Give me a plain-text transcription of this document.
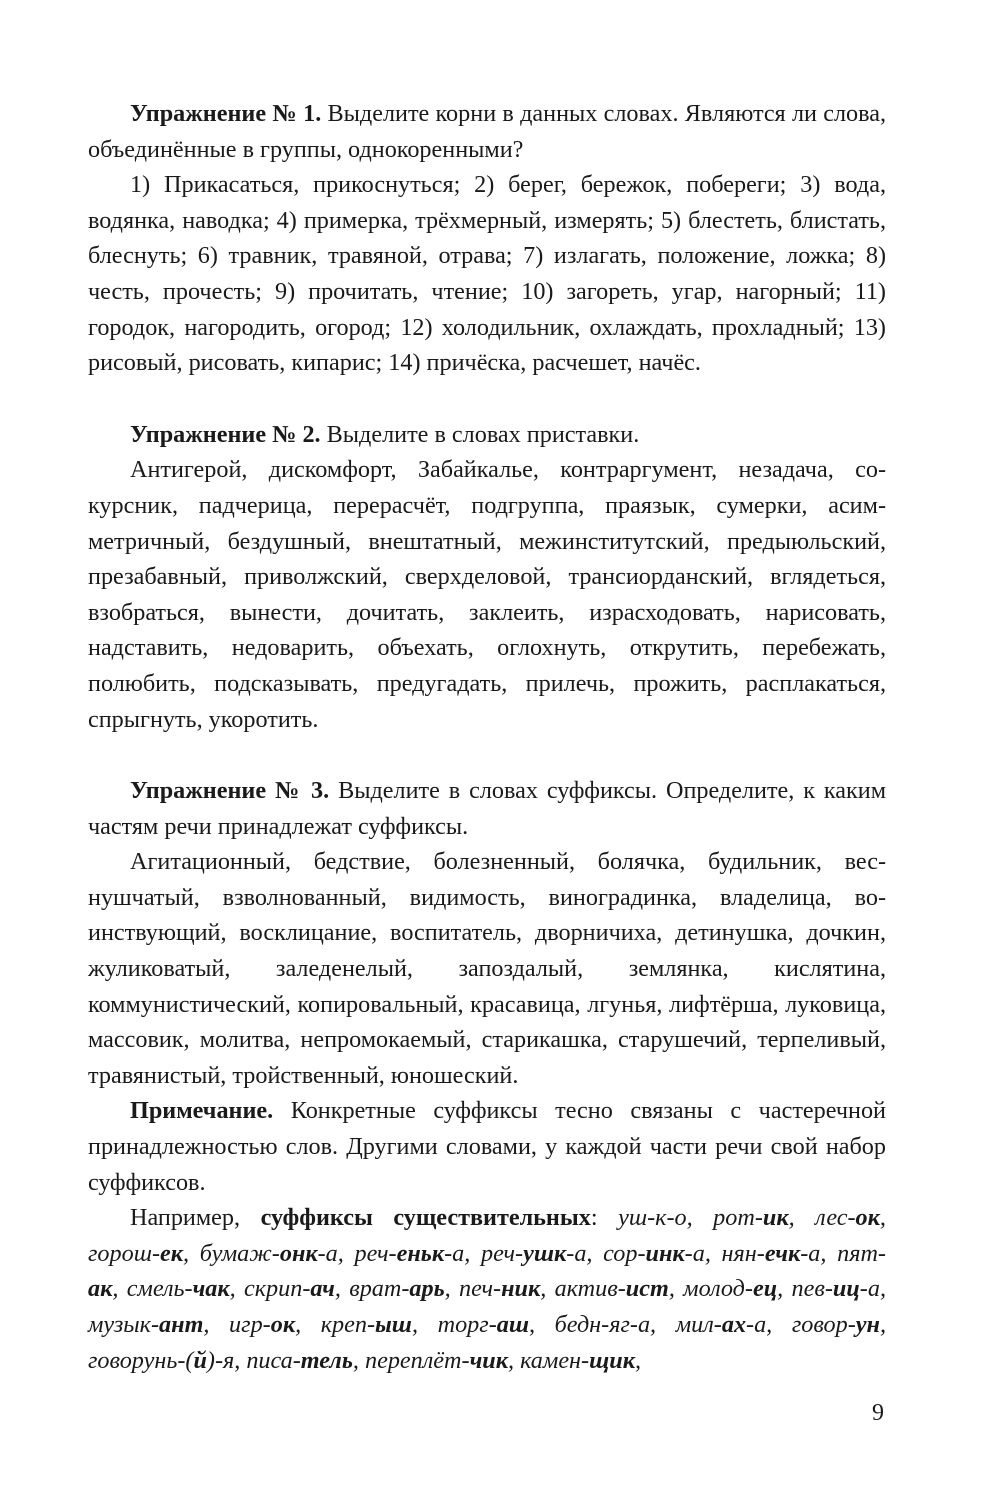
Упражнение № 1. Выделите корни в данных словах. Являются ли слова, объединённые в группы, однокоренными?

1) Прикасаться, прикоснуться; 2) берег, бережок, побереги; 3) вода, водянка, наводка; 4) примерка, трёхмерный, измерять; 5) блестеть, блистать, блеснуть; 6) травник, травяной, отрава; 7) излагать, положение, ложка; 8) честь, прочесть; 9) прочитать, чтение; 10) загореть, угар, нагорный; 11) городок, нагородить, огород; 12) холодильник, охлаждать, прохладный; 13) рисовый, рисовать, кипарис; 14) причёска, расчешет, начёс.

Упражнение № 2. Выделите в словах приставки.

Антигерой, дискомфорт, Забайкалье, контраргумент, незадача, сокурсник, падчерица, перерасчёт, подгруппа, праязык, сумерки, асимметричный, бездушный, внештатный, межинститутский, предыюльский, презабавный, приволжский, сверхделовой, трансиорданский, вглядеться, взобраться, вынести, дочитать, заклеить, израсходовать, нарисовать, надставить, недоварить, объехать, оглохнуть, открутить, перебежать, полюбить, подсказывать, предугадать, прилечь, прожить, расплакаться, спрыгнуть, укоротить.

Упражнение № 3. Выделите в словах суффиксы. Определите, к каким частям речи принадлежат суффиксы.

Агитационный, бедствие, болезненный, болячка, будильник, веснушчатый, взволнованный, видимость, виноградинка, владелица, воинствующий, восклицание, воспитатель, дворничиха, детинушка, дочкин, жуликоватый, заледенелый, запоздалый, землянка, кислятина, коммунистический, копировальный, красавица, лгунья, лифтёрша, луковица, массовик, молитва, непромокаемый, старикашка, старушечий, терпеливый, травянистый, тройственный, юношеский.

Примечание. Конкретные суффиксы тесно связаны с частеречной принадлежностью слов. Другими словами, у каждой части речи свой набор суффиксов.

Например, суффиксы существительных: уш-к-о, рот-ик, лес-ок, горош-ек, бумаж-онк-а, реч-еньк-а, реч-ушк-а, сор-инк-а, нян-ечк-а, пят-ак, смель-чак, скрип-ач, врат-арь, печ-ник, актив-ист, молод-ец, пев-иц-а, музык-ант, игр-ок, креп-ыш, торг-аш, бедн-яг-а, мил-ах-а, говор-ун, говорунь-(й)-я, писа-тель, переплёт-чик, камен-щик,

9
